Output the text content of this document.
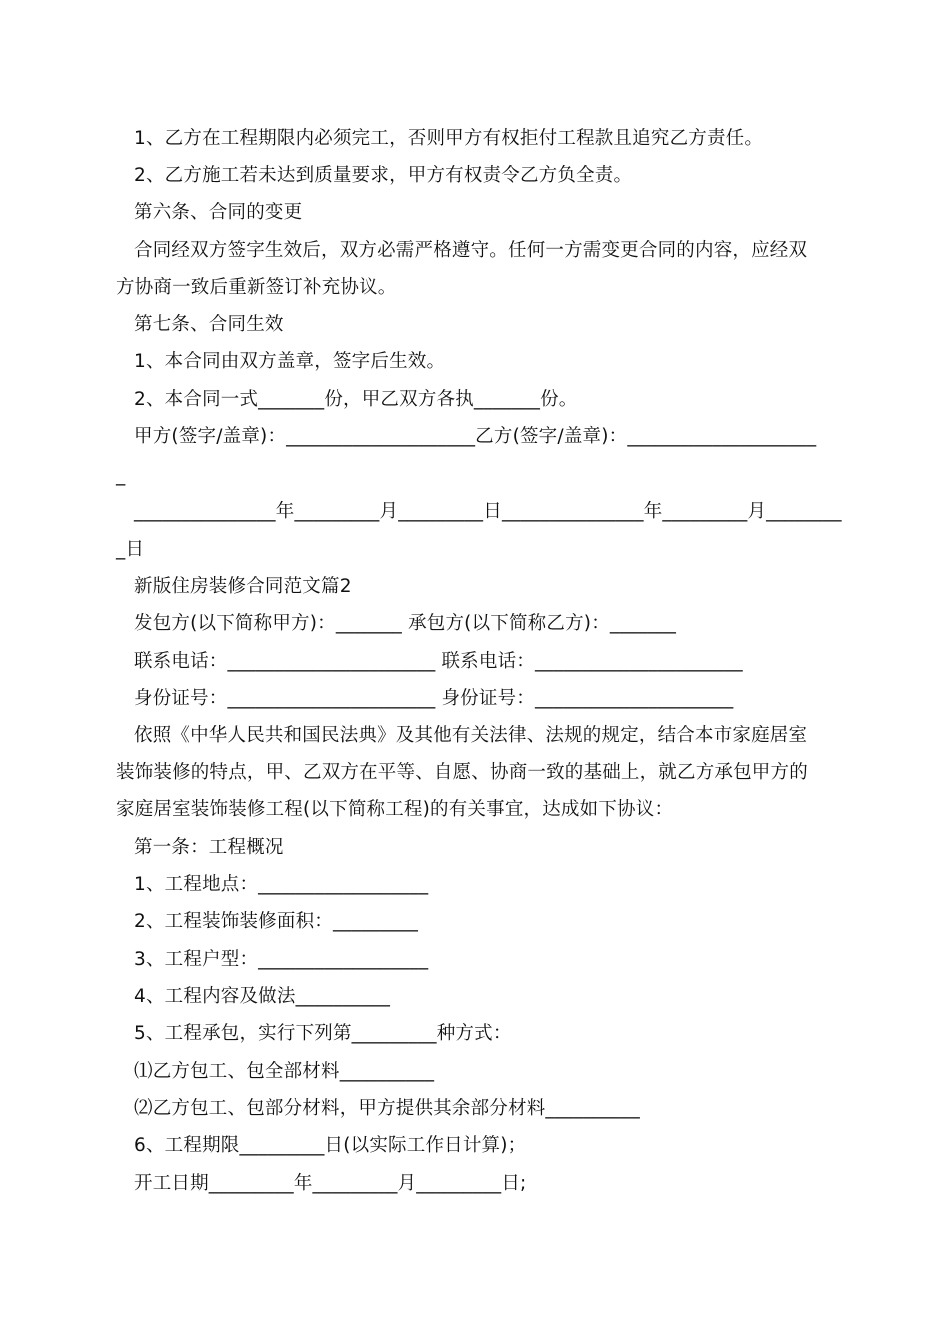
1、乙方在工程期限内必须完工，否则甲方有权拒付工程款且追究乙方责任。
2、乙方施工若未达到质量要求，甲方有权责令乙方负全责。
第六条、合同的变更
合同经双方签字生效后，双方必需严格遵守。任何一方需变更合同的内容，应经双
方协商一致后重新签订补充协议。
第七条、合同生效
1、本合同由双方盖章，签字后生效。
2、本合同一式_______份，甲乙双方各执_______份。
甲方(签字/盖章)：____________________乙方(签字/盖章)：____________________
_
_______________年_________月_________日_______________年_________月________
_日
新版住房装修合同范文篇2
发包方(以下简称甲方)：_______ 承包方(以下简称乙方)：_______
联系电话：______________________ 联系电话：______________________
身份证号：______________________ 身份证号：_____________________
依照《中华人民共和国民法典》及其他有关法律、法规的规定，结合本市家庭居室
装饰装修的特点，甲、乙双方在平等、自愿、协商一致的基础上，就乙方承包甲方的
家庭居室装饰装修工程(以下简称工程)的有关事宜，达成如下协议：
第一条：工程概况
1、工程地点：__________________
2、工程装饰装修面积：_________
3、工程户型：__________________
4、工程内容及做法__________
5、工程承包，实行下列第_________种方式：
⑴乙方包工、包全部材料__________
⑵乙方包工、包部分材料，甲方提供其余部分材料__________
6、工程期限_________日(以实际工作日计算)；
开工日期_________年_________月_________日;
